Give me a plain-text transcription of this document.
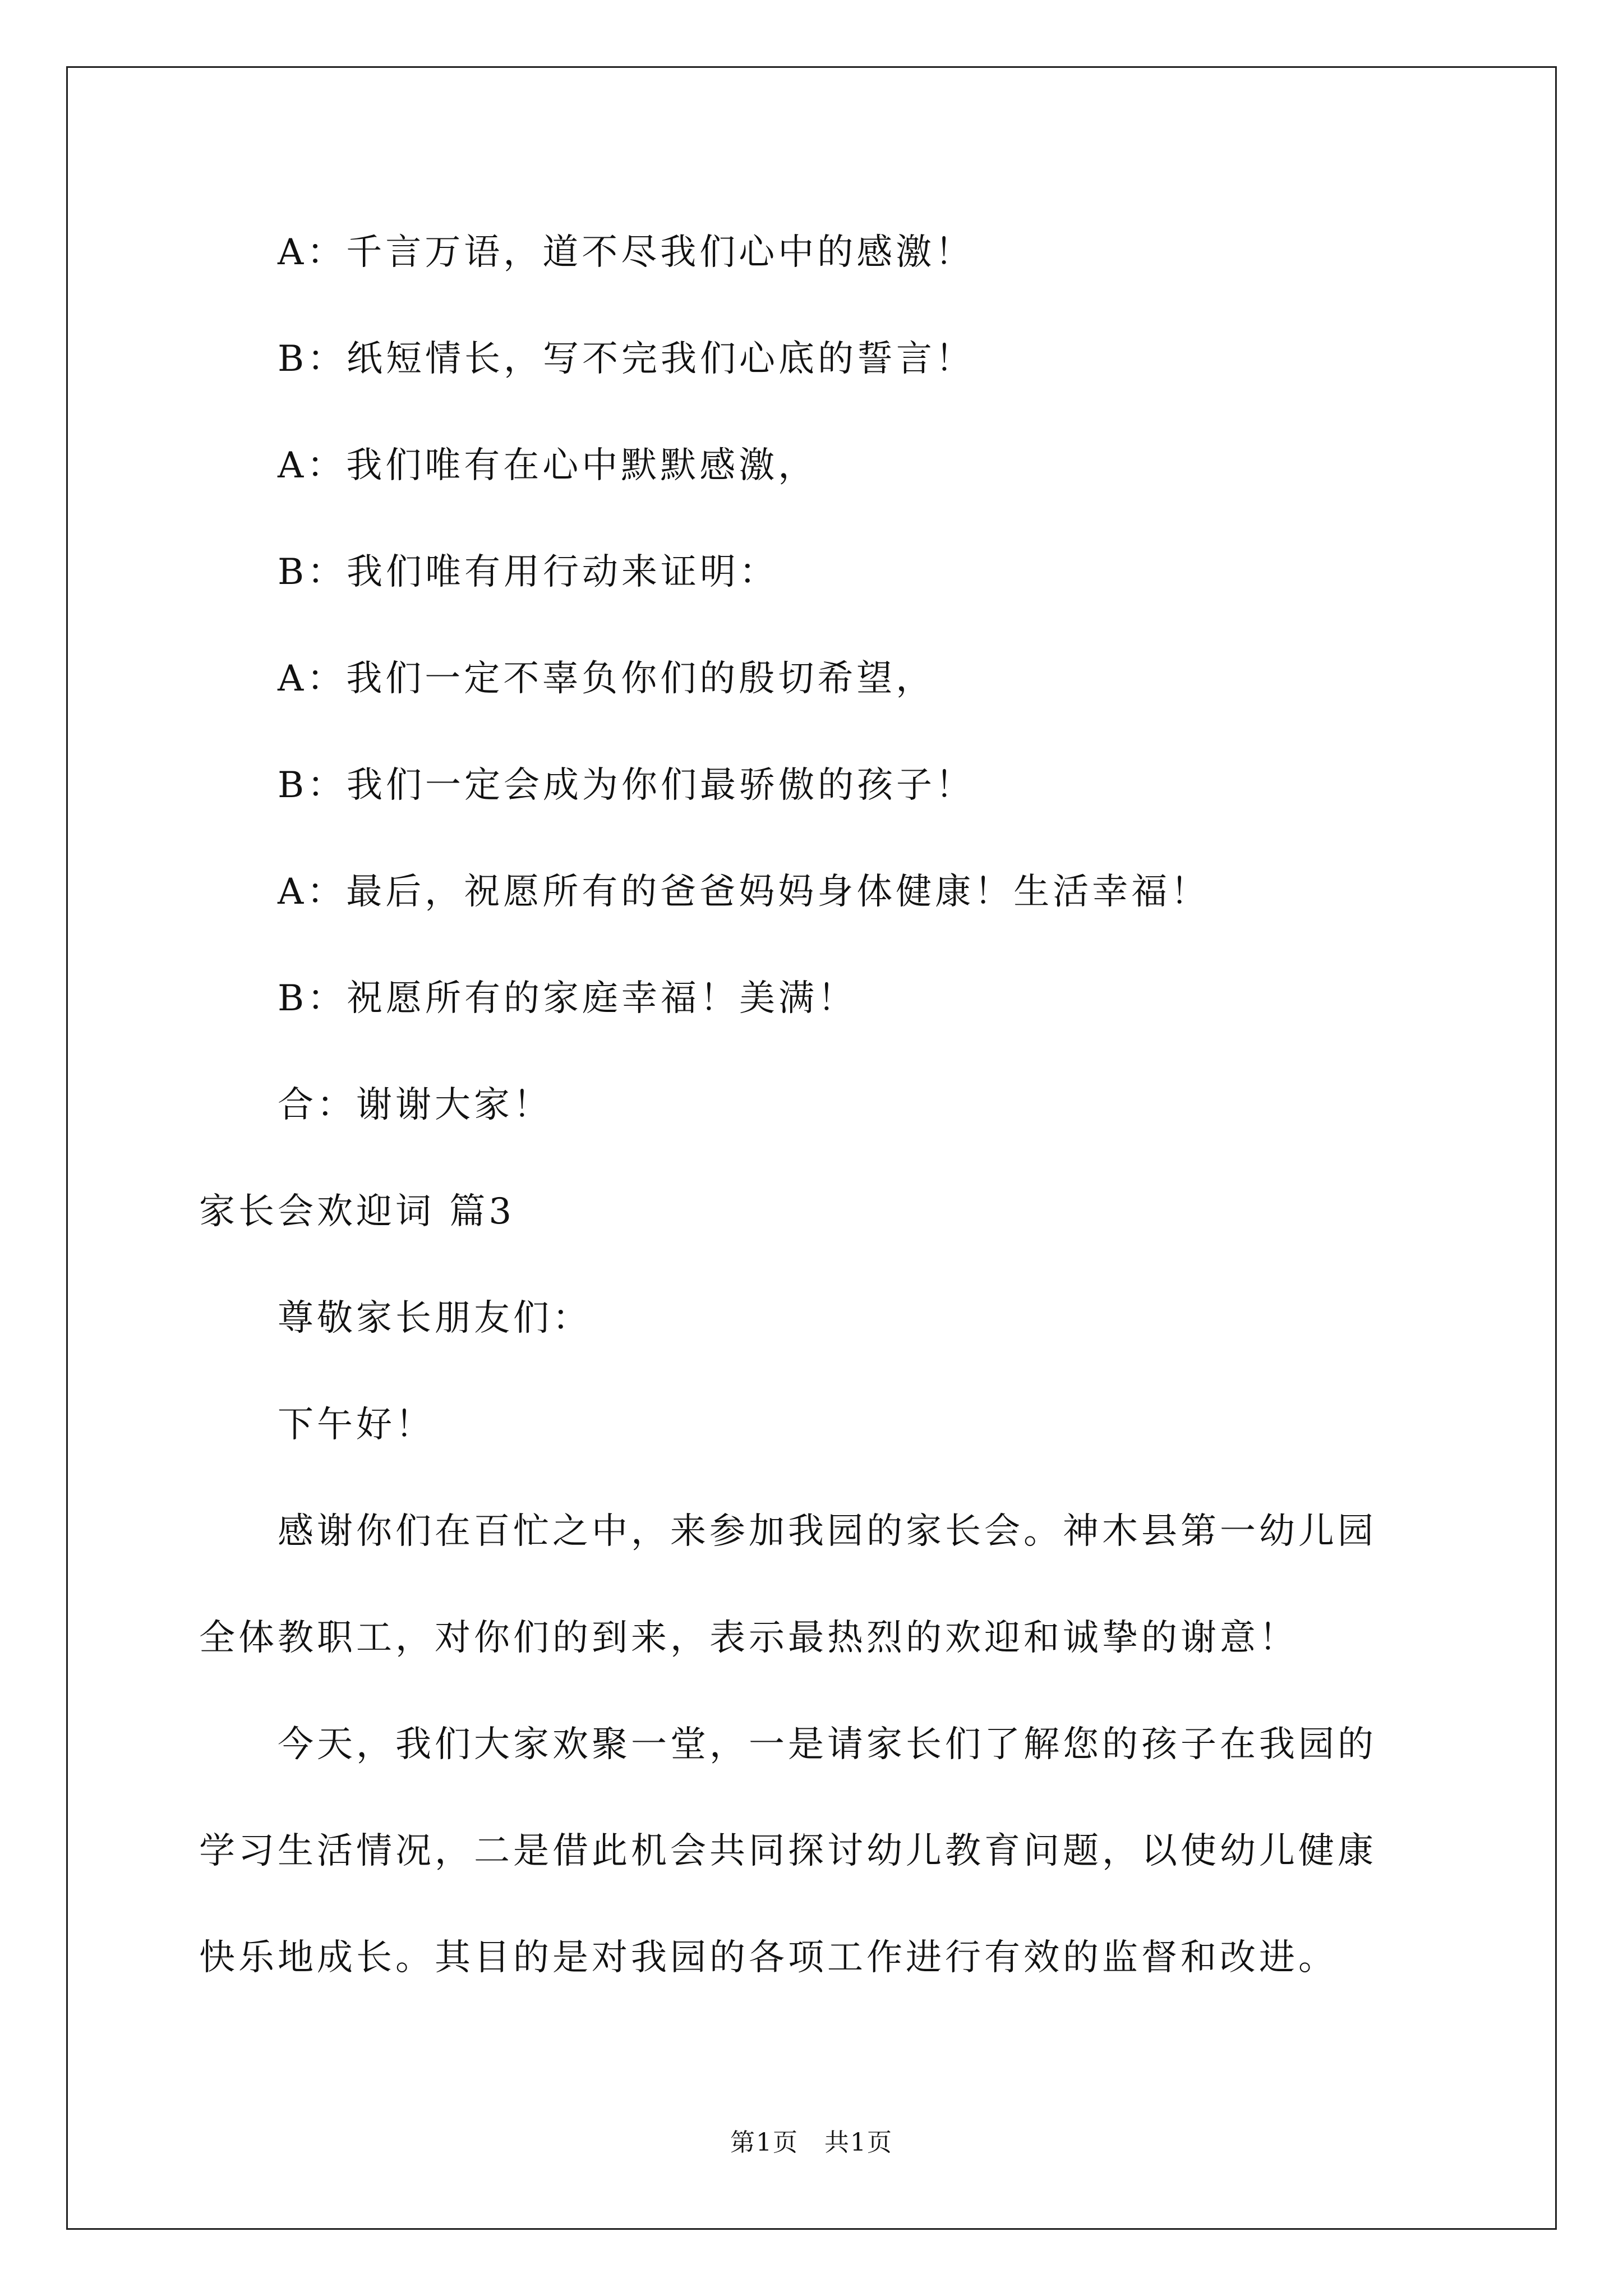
A：千言万语，道不尽我们心中的感激！
B：纸短情长，写不完我们心底的誓言！
A：我们唯有在心中默默感激，
B：我们唯有用行动来证明：
A：我们一定不辜负你们的殷切希望，
B：我们一定会成为你们最骄傲的孩子！
A：最后，祝愿所有的爸爸妈妈身体健康！生活幸福！
B：祝愿所有的家庭幸福！美满！
合：谢谢大家！
家长会欢迎词 篇3
尊敬家长朋友们：
下午好！
感谢你们在百忙之中，来参加我园的家长会。神木县第一幼儿园
全体教职工，对你们的到来，表示最热烈的欢迎和诚挚的谢意！
今天，我们大家欢聚一堂，一是请家长们了解您的孩子在我园的
学习生活情况，二是借此机会共同探讨幼儿教育问题，以使幼儿健康
快乐地成长。其目的是对我园的各项工作进行有效的监督和改进。
第1页　共1页
